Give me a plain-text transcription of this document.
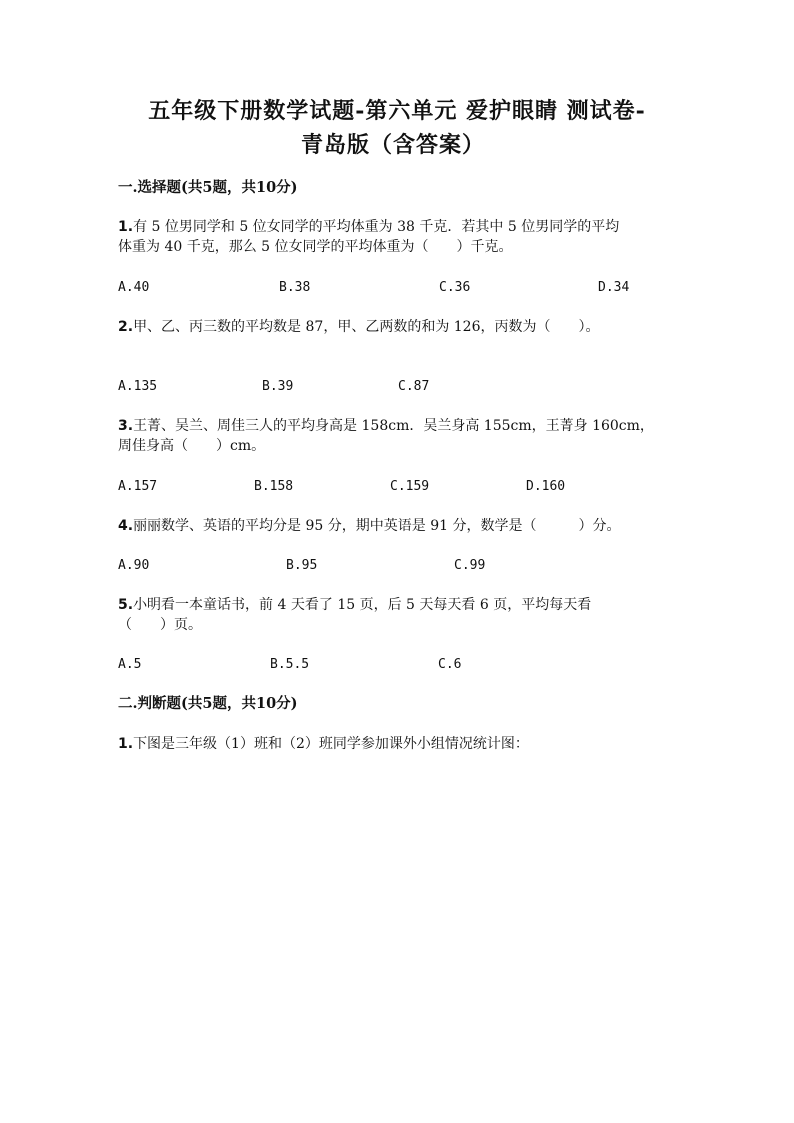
五年级下册数学试题-第六单元 爱护眼睛 测试卷-
青岛版（含答案）
一.选择题(共5题，共10分)
1.有 5 位男同学和 5 位女同学的平均体重为 38 千克．若其中 5 位男同学的平均
体重为 40 千克，那么 5 位女同学的平均体重为（　　）千克。
A.40	B.38	C.36	D.34
2.甲、乙、丙三数的平均数是 87，甲、乙两数的和为 126，丙数为（　　）。
A.135	B.39	C.87
3.王菁、吴兰、周佳三人的平均身高是 158cm．吴兰身高 155cm，王菁身 160cm，
周佳身高（　　）cm。
A.157	B.158	C.159	D.160
4.丽丽数学、英语的平均分是 95 分，期中英语是 91 分，数学是（　　　）分。
A.90	B.95	C.99
5.小明看一本童话书，前 4 天看了 15 页，后 5 天每天看 6 页，平均每天看
（　　）页。
A.5	B.5.5	C.6
二.判断题(共5题，共10分)
1.下图是三年级（1）班和（2）班同学参加课外小组情况统计图：
